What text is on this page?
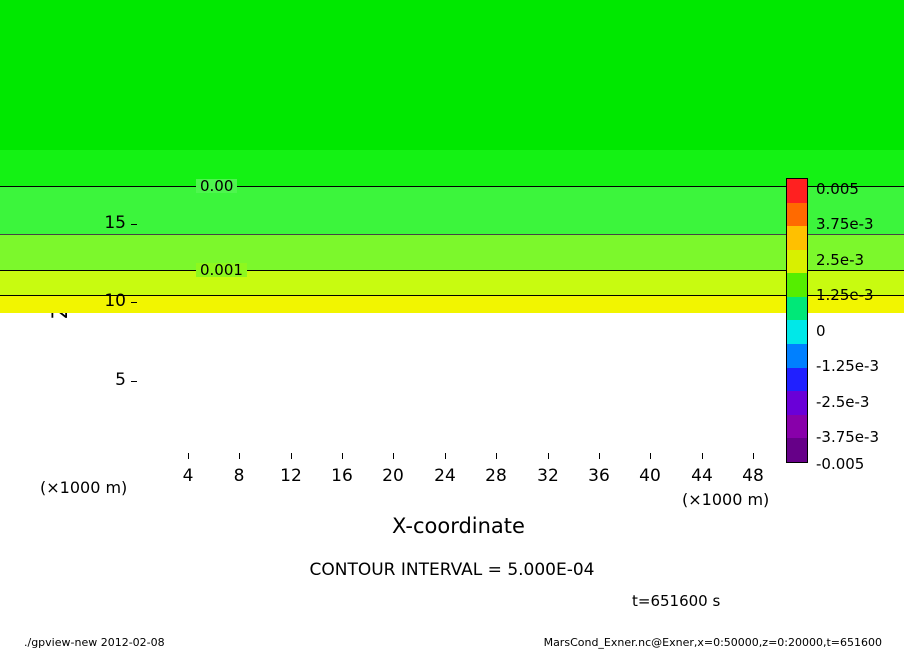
0.00
0.001
15
10
5
4	8	12	16	20	24	28	32	36	40	44	48
(×1000 m)
(×1000 m)
X-coordinate
0.005
3.75e-3
2.5e-3
1.25e-3
0
-1.25e-3
-2.5e-3
-3.75e-3
-0.005
CONTOUR INTERVAL = 5.000E-04
t=651600 s
./gpview-new 2012-02-08	MarsCond_Exner.nc@Exner,x=0:50000,z=0:20000,t=651600
